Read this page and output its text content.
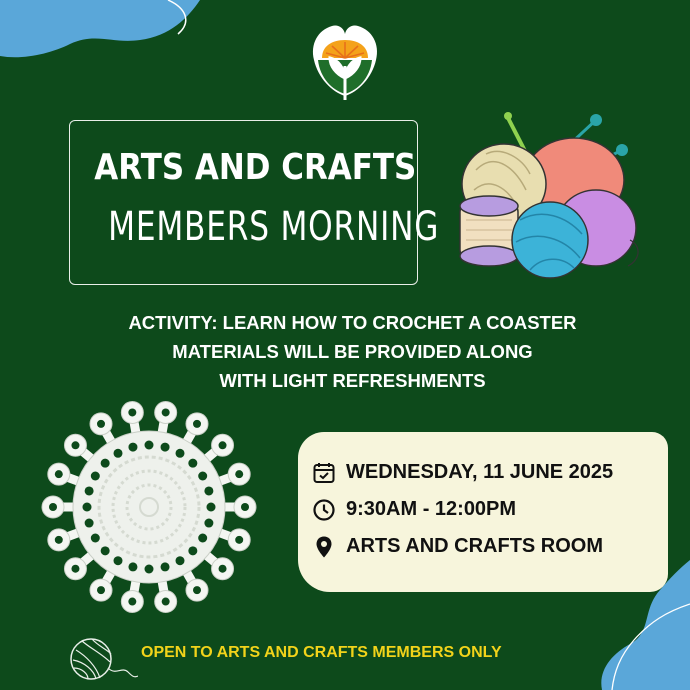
ARTS AND CRAFTS
MEMBERS MORNING
ACTIVITY: LEARN HOW TO CROCHET A COASTER
MATERIALS WILL BE PROVIDED ALONG
WITH LIGHT REFRESHMENTS
WEDNESDAY, 11 JUNE 2025
9:30AM - 12:00PM
ARTS AND CRAFTS ROOM
OPEN TO ARTS AND CRAFTS MEMBERS ONLY
